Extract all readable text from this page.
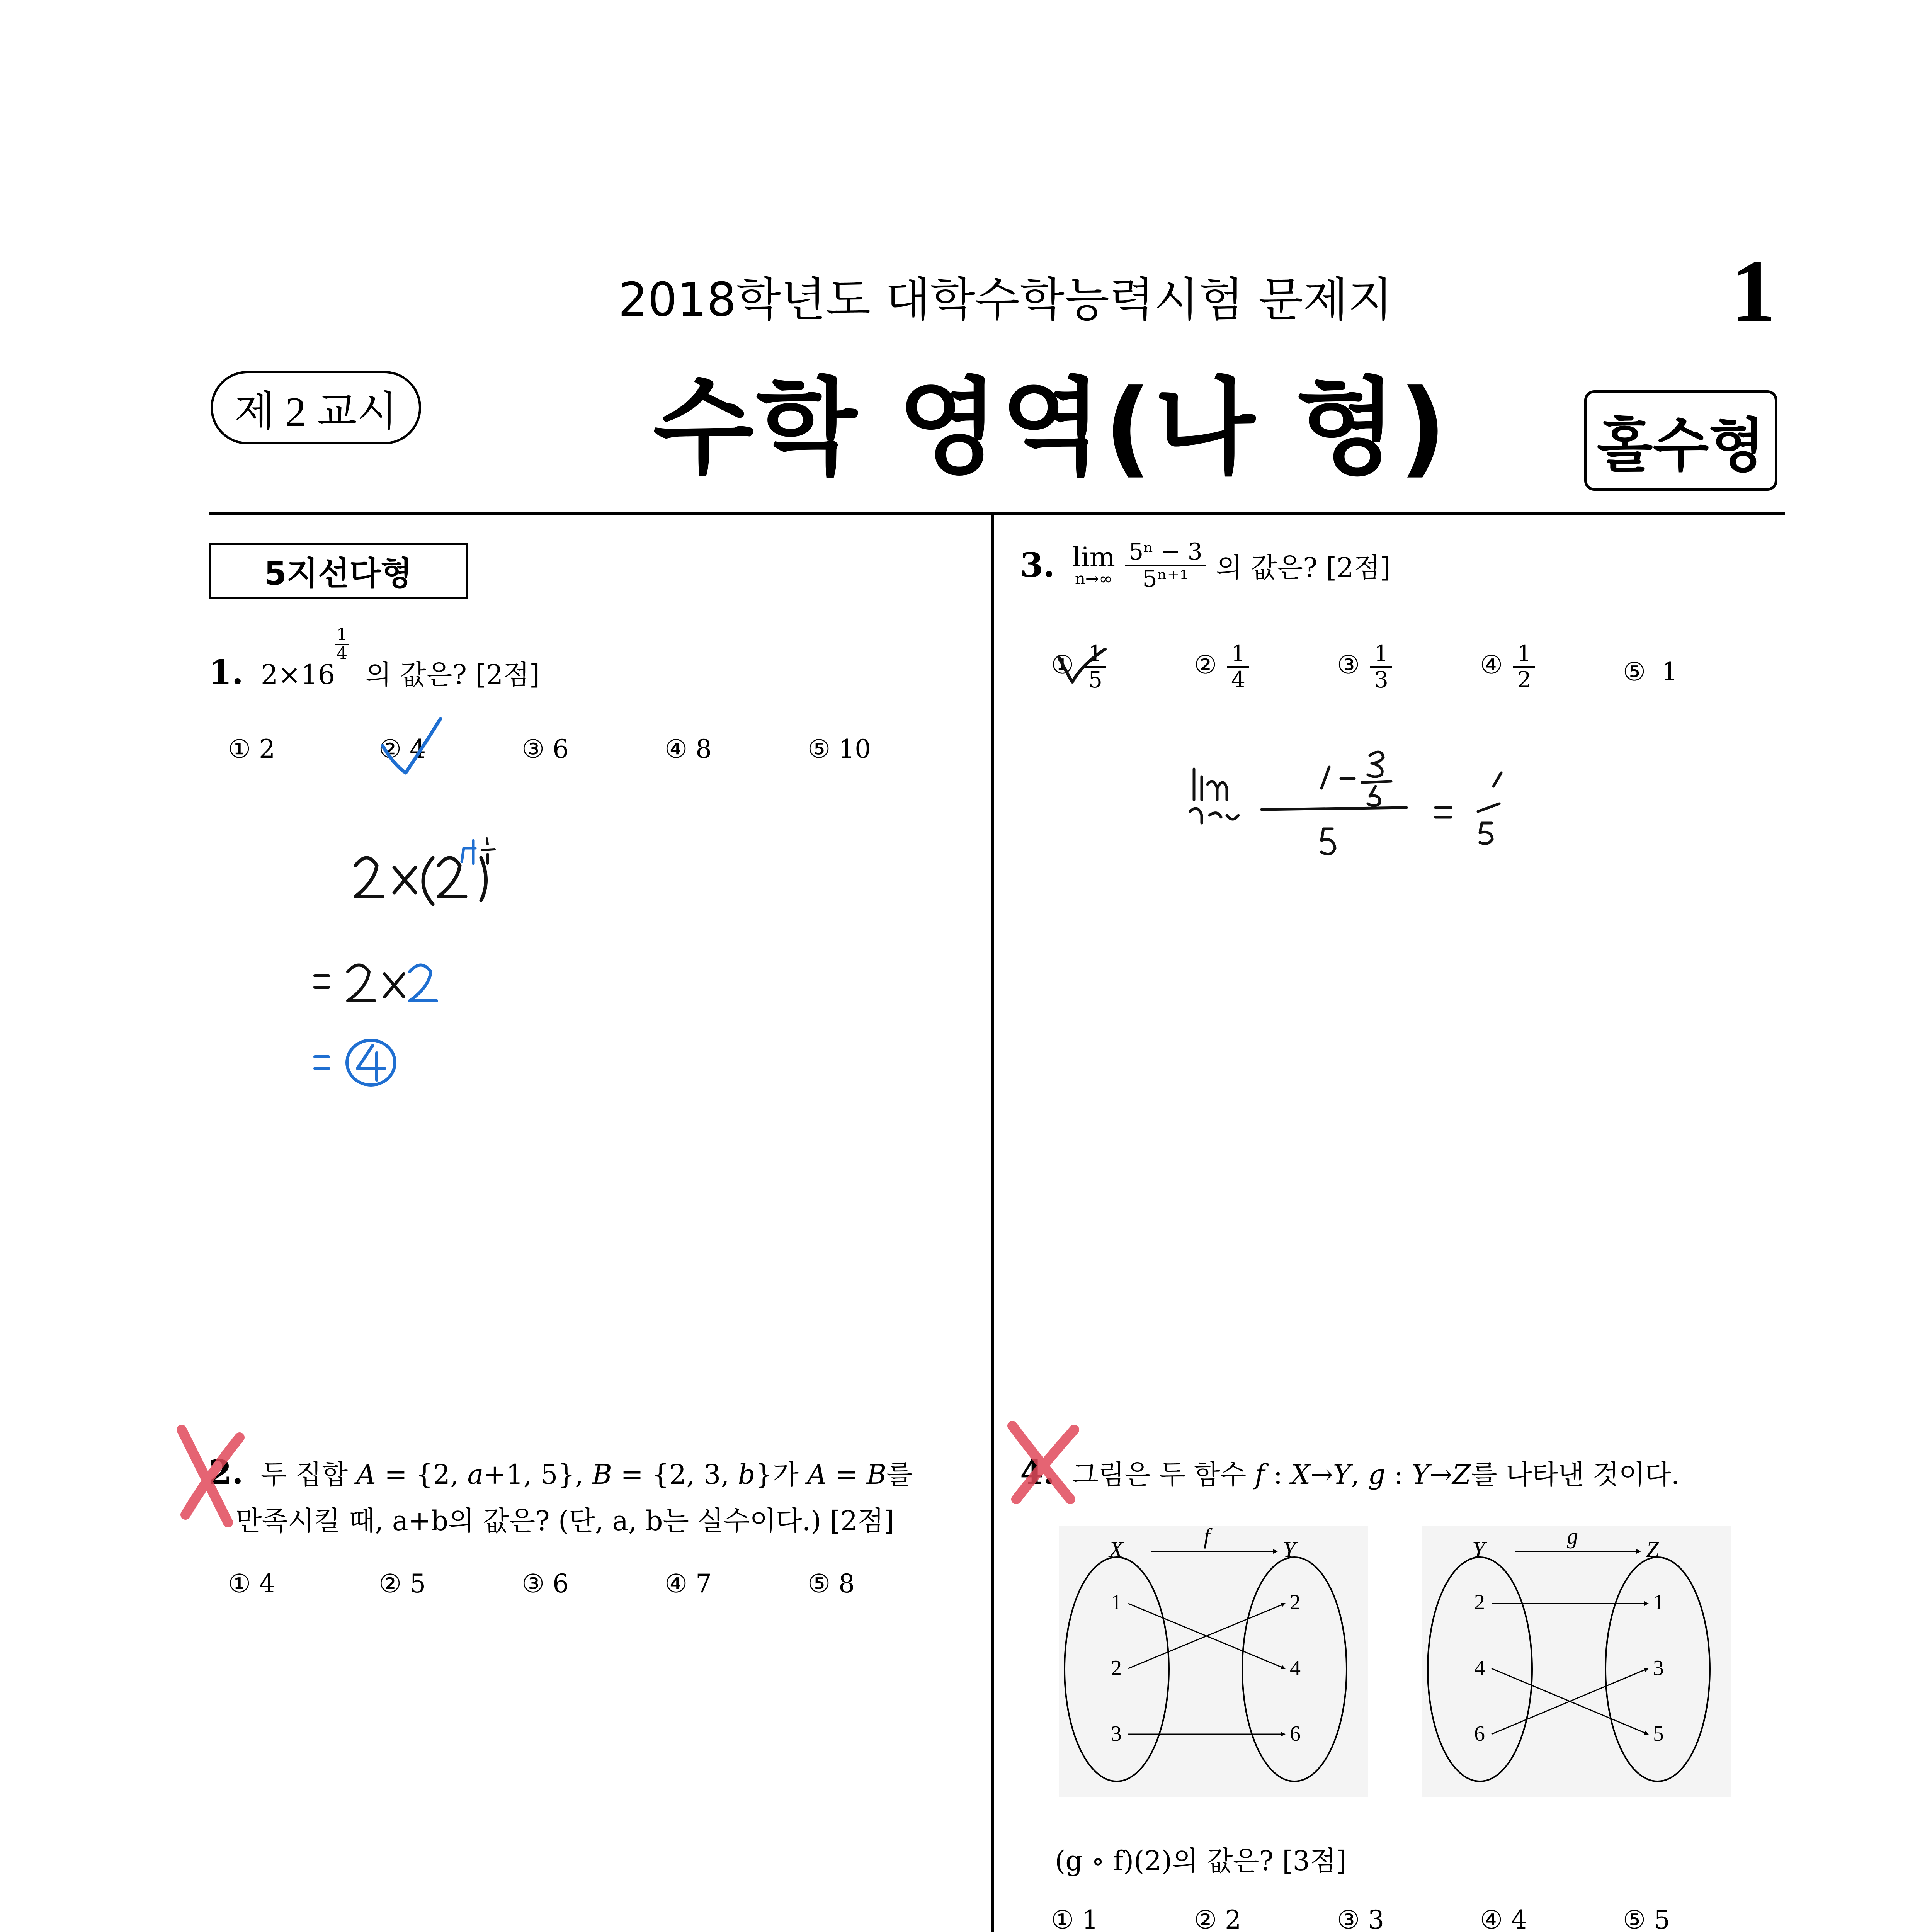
2018학년도 대학수학능력시험 문제지	1
제 2 교시 수학 영역(나 형)	홀수형
5지선다형
1. 2×16
$\frac{1}{4}$
의 값은? [2점]
① 2	② 4	③ 6	④ 8	⑤ 10
2. 두 집합 A = {2, a+1, 5}, B = {2, 3, b}가 A = B를
만족시킬 때, a+b의 값은? (단, a, b는 실수이다.) [2점]
① 4	② 5	③ 6	④ 7	⑤ 8
3. lim
n→∞
$\frac{\text{5ⁿ − 3}}{\text{5ⁿ⁺¹}}$ 의 값은? [2점]
① $\frac{1}{5}$	② $\frac{1}{4}$	③ $\frac{1}{3}$	④ $\frac{1}{2}$	⑤ 1
4. 그림은 두 함수 f : X→Y, g : Y→Z를 나타낸 것이다.
X	Y
f
1
2
3
2
4
6
Y	Z
g
2
4
6
1
3
5
(g ∘ f)(2)의 값은? [3점]
① 1	② 2	③ 3	④ 4	⑤ 5
